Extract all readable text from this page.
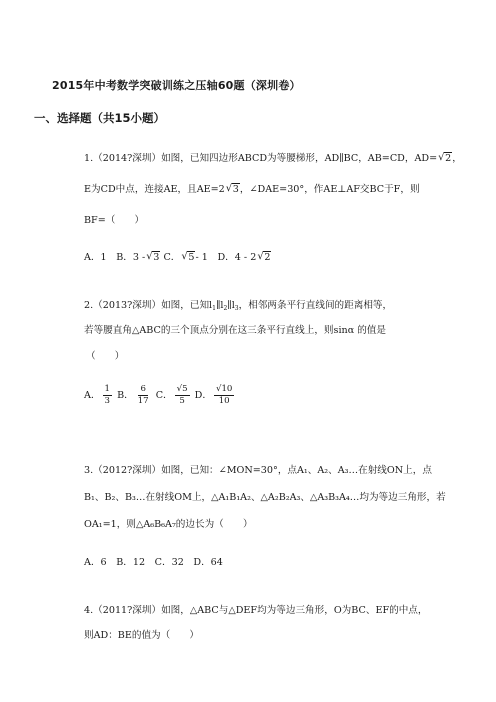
2015年中考数学突破训练之压轴60题（深圳卷）
一、选择题（共15小题）
1.（2014?深圳）如图，已知四边形ABCD为等腰梯形，AD∥BC，AB=CD，AD= √ 2，
E为CD中点，连接AE，且AE=2 √ 3，∠DAE=30°，作AE⊥AF交BC于F，则
BF=（　　）
A．1　B．3 - √ 3 C． √ 5- 1　D．4 - 2 √ 2
2.（2013?深圳）如图，已知$l_1\parallel l_2\parallel l_3$，相邻两条平行直线间的距离相等，
若等腰直角△ABC的三个顶点分别在这三条平行直线上，则sinα 的值是
（　　）
A． $\frac{1}{3}$ B． $\frac{6}{17}$ C． $\frac{√5}{5}$ D． $\frac{√10}{10}$
3.（2012?深圳）如图，已知：∠MON=30°，点A₁、A₂、A₃…在射线ON上，点
B₁、B₂、B₃…在射线OM上，△A₁B₁A₂、△A₂B₂A₃、△A₃B₃A₄…均为等边三角形，若
OA₁=1，则△A₆B₆A₇的边长为（　　）
A．6　B．12　C．32　D．64
4.（2011?深圳）如图，△ABC与△DEF均为等边三角形，O为BC、EF的中点，
则AD：BE的值为（　　）
